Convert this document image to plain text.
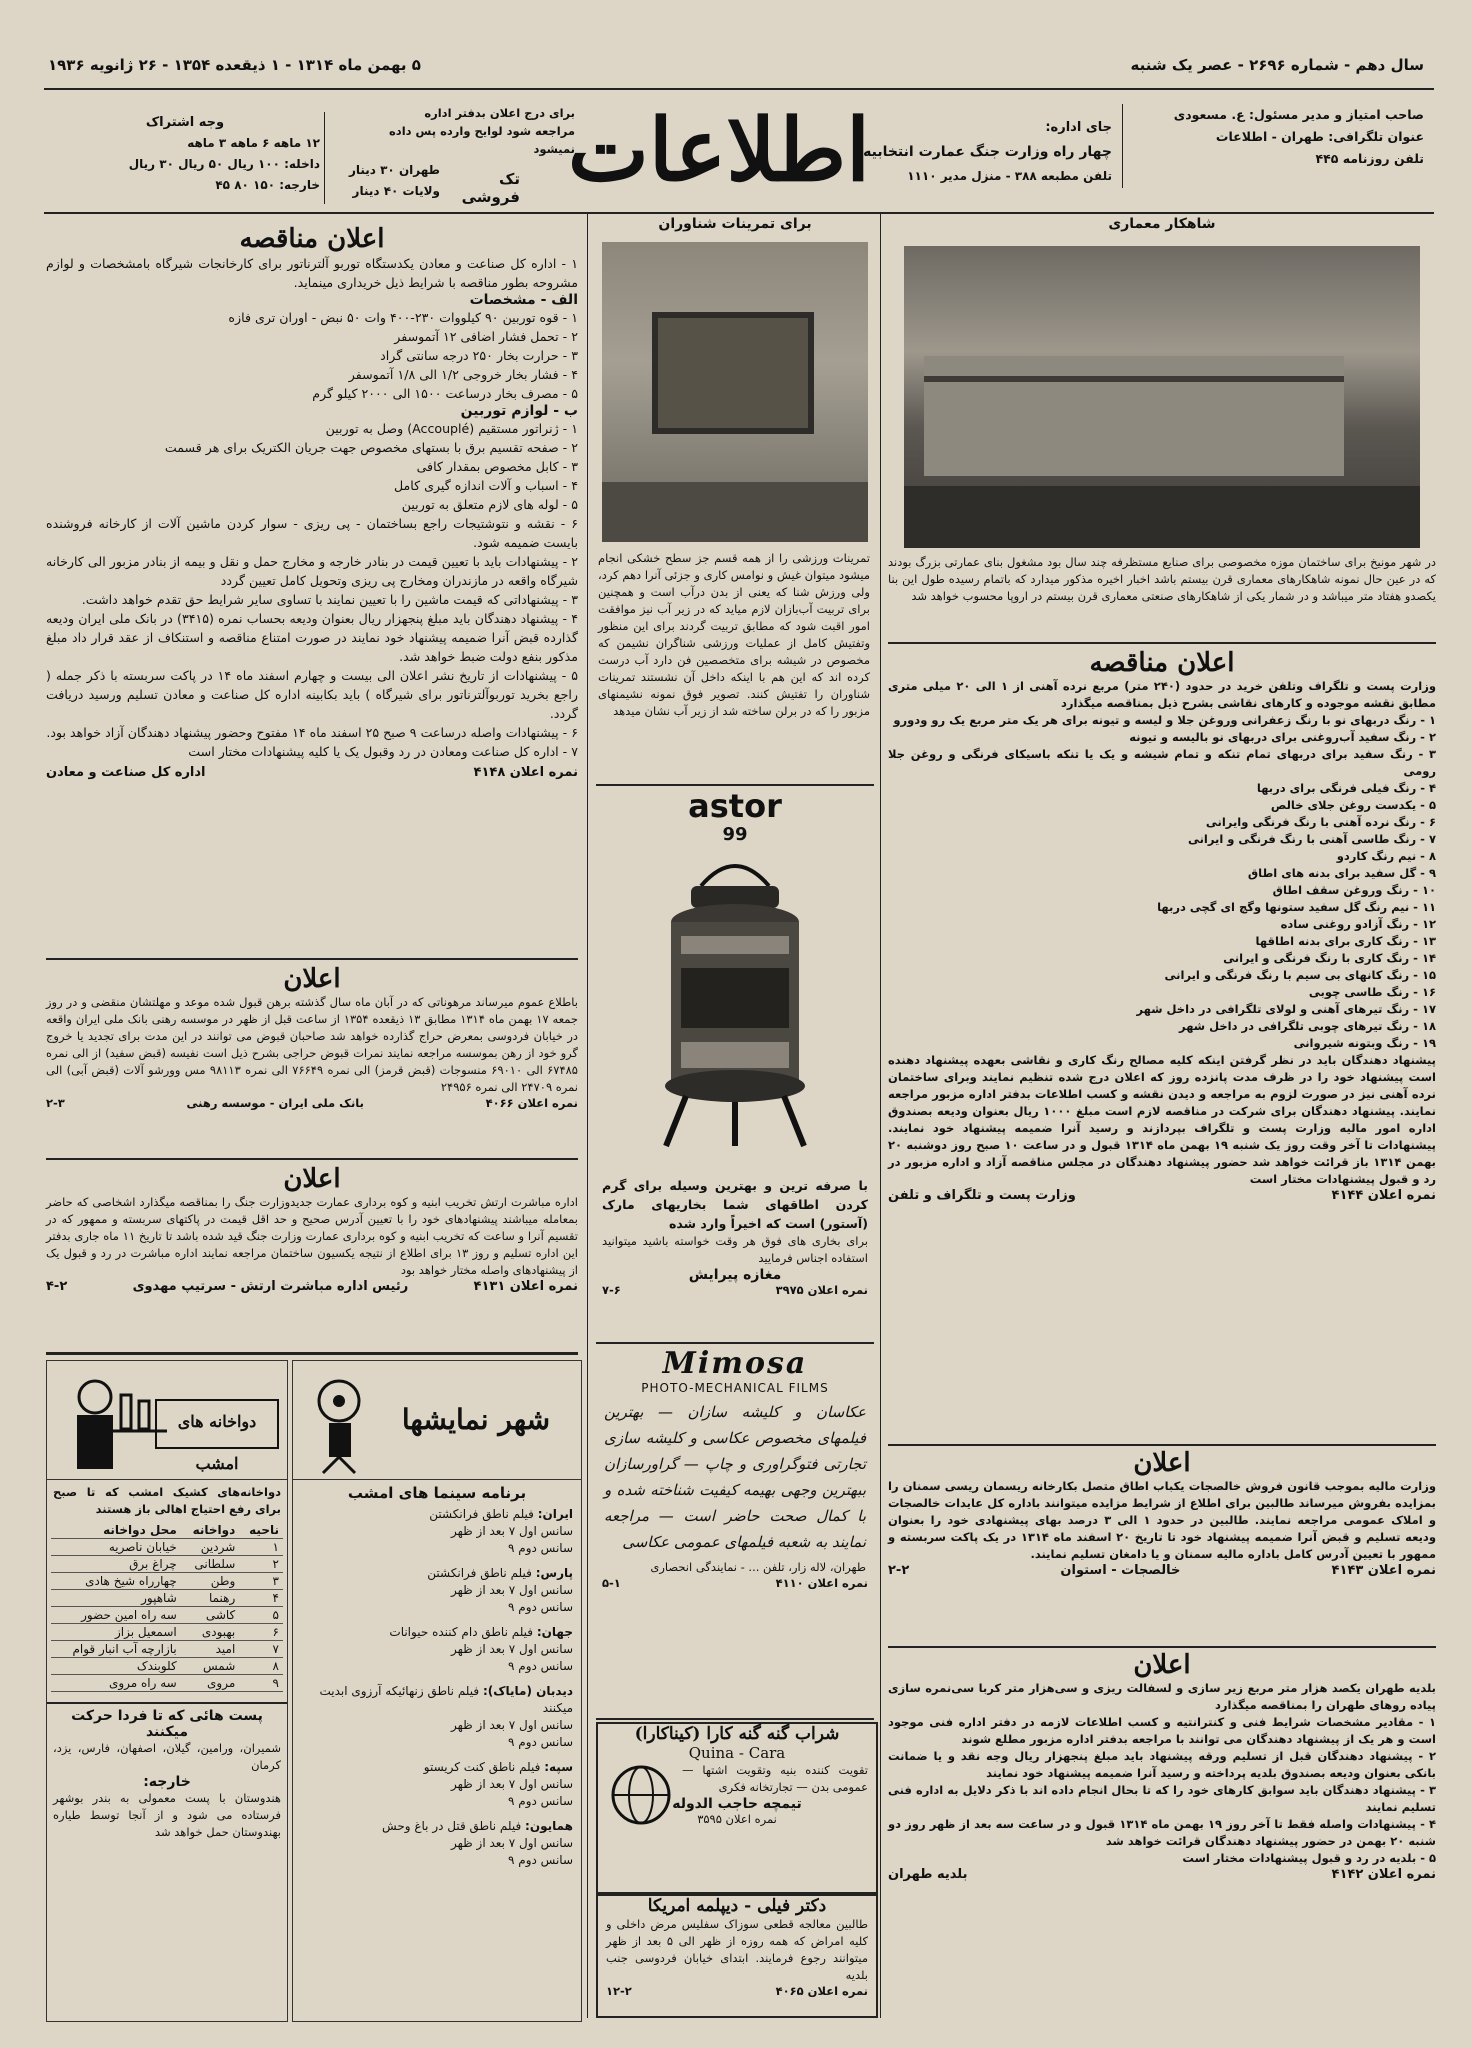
سال دهم - شماره ۲۶۹۶ - عصر یک شنبه
۵ بهمن ماه ۱۳۱۴ - ۱ ذیقعده ۱۳۵۴ - ۲۶ ژانویه ۱۹۳۶
صاحب امتیاز و مدیر مسئول: ع. مسعودی
عنوان تلگرافی: طهران - اطلاعات
تلفن روزنامه ۴۴۵
جای اداره:
چهار راه وزارت جنگ عمارت انتخابیه
تلفن مطبعه ۳۸۸ - منزل مدیر ۱۱۱۰
اطلاعات
برای درج اعلان بدفتر اداره مراجعه شود لوایح وارده پس داده نمیشود
تک فروشی
طهران ۳۰ دینار
ولایات ۴۰ دینار
وجه اشتراک
۱۲ ماهه ۶ ماهه ۳ ماهه
داخله: ۱۰۰ ریال ۵۰ ریال ۳۰ ریال
خارجه: ۱۵۰ ۸۰ ۴۵
اعلان مناقصه

۱ - اداره کل صناعت و معادن یکدستگاه توربو آلترناتور برای کارخانجات شیرگاه بامشخصات و لوازم مشروحه بطور مناقصه با شرایط ذیل خریداری مینماید.

الف - مشخصات
۱ - قوه توربین ۹۰ کیلووات ۲۳۰-۴۰۰ وات ۵۰ نبض - اوران تری فازه
۲ - تحمل فشار اضافی ۱۲ آتموسفر
۳ - حرارت بخار ۲۵۰ درجه سانتی گراد
۴ - فشار بخار خروجی ۱/۲ الی ۱/۸ آتموسفر
۵ - مصرف بخار درساعت ۱۵۰۰ الی ۲۰۰۰ کیلو گرم
ب - لوازم توربین
۱ - ژنراتور مستقیم (Accouplé) وصل به توربین
۲ - صفحه تقسیم برق با بستهای مخصوص جهت جریان الکتریک برای هر قسمت
۳ - کابل مخصوص بمقدار کافی
۴ - اسباب و آلات اندازه گیری کامل
۵ - لوله های لازم متعلق به توربین
۶ - نقشه و نتوشتیجات راجع بساختمان - پی ریزی - سوار کردن ماشین آلات از کارخانه فروشنده بایست ضمیمه شود.
۲ - پیشنهادات باید با تعیین قیمت در بنادر خارجه و مخارج حمل و نقل و بیمه از بنادر مزبور الی کارخانه شیرگاه واقعه در مازندران ومخارج پی ریزی وتحویل کامل تعیین گردد
۳ - پیشنهاداتی که قیمت ماشین را با تعیین نمایند با تساوی سایر شرایط حق تقدم خواهد داشت.
۴ - پیشنهاد دهندگان باید مبلغ پنجهزار ریال بعنوان وديعه بحساب نمره (۳۴۱۵) در بانک ملی ایران ودیعه گذارده قبض آنرا ضمیمه پیشنهاد خود نمایند در صورت امتناع مناقصه و استنکاف از عقد قرار داد مبلغ مذکور بنفع دولت ضبط خواهد شد.
۵ - پیشنهادات از تاریخ نشر اعلان الی بیست و چهارم اسفند ماه ۱۴ در پاکت سربسته با ذکر جمله ( راجع بخرید توربوآلترناتور برای شیرگاه ) باید بکابینه اداره کل صناعت و معادن تسلیم ورسید دریافت گردد.
۶ - پیشنهادات واصله درساعت ۹ صبح ۲۵ اسفند ماه ۱۴ مفتوح وحضور پیشنهاد دهندگان آزاد خواهد بود.
۷ - اداره کل صناعت ومعادن در رد وقبول یک یا کلیه پیشنهادات مختار است
نمره اعلان ۴۱۴۸
اداره کل صناعت و معادن
اعلان

باطلاع عموم میرساند مرهوناتی که در آبان ماه سال گذشته برهن قبول شده موعد و مهلتشان منقضی و در روز جمعه ۱۷ بهمن ماه ۱۳۱۴ مطابق ۱۳ ذیقعده ۱۳۵۴ از ساعت قبل از ظهر در موسسه رهنی بانک ملی ایران واقعه در خیابان فردوسی بمعرض حراج گذارده خواهد شد صاحبان قبوض می توانند در این مدت برای تجدید یا خروج گرو خود از رهن بموسسه مراجعه نمایند نمرات قبوض حراجی بشرح ذیل است نفیسه (قبض سفید) از الی نمره ۶۷۴۸۵ الی ۶۹۰۱۰ منسوجات (قبض قرمز) الی نمره ۷۶۶۴۹ الی نمره ۹۸۱۱۳ مس وورشو آلات (قبض آبی) الی نمره ۲۴۷۰۹ الی نمره ۲۴۹۵۶

نمره اعلان ۴۰۶۶
بانک ملی ایران - موسسه رهنی
۲-۳
اعلان

اداره مباشرت ارتش تخریب ابنیه و کوه برداری عمارت جدیدوزارت جنگ را بمناقصه میگذارد اشخاصی که حاضر بمعامله میباشند پیشنهادهای خود را با تعیین آدرس صحیح و حد اقل قیمت در پاکتهای سربسته و ممهور که در تقسیم آنرا و ساعت که تخریب ابنیه و کوه برداری عمارت وزارت جنگ قید شده باشد تا تاریخ ۱۱ ماه جاری بدفتر این اداره تسلیم و روز ۱۳ برای اطلاع از نتیجه یکسیون ساختمان مراجعه نمایند اداره مباشرت در رد و قبول یک از پیشنهادهای واصله مختار خواهد بود

نمره اعلان ۴۱۳۱
رئیس اداره مباشرت ارتش - سرتیپ مهدوی
۴-۲
دواخانه های امشب

دواخانه‌های کشیک امشب که تا صبح برای رفع احتیاج اهالی باز هستند

ناحیه	دواخانه	محل دواخانه
۱	شردین	خیابان ناصریه
۲	سلطانی	چراغ برق
۳	وطن	چهارراه شیخ هادی
۴	رهنما	شاهپور
۵	کاشی	سه راه امین حضور
۶	بهبودی	اسمعیل بزاز
۷	امید	بازارچه آب انبار قوام
۸	شمس	کلوبندک
۹	مروی	سه راه مروی
پست هائی که تا فردا حرکت میکنند

شمیران، ورامین، گیلان، اصفهان، فارس، یزد، کرمان

خارجه:

هندوستان با پست معمولی به بندر بوشهر فرستاده می شود و از آنجا توسط طیاره بهندوستان حمل خواهد شد

شهر نمایشها
برنامه سینما های امشب
ایران: فیلم ناطق فرانکشتن
سانس اول ۷ بعد از ظهر
سانس دوم ۹
پارس: فیلم ناطق فرانکشتن
سانس اول ۷ بعد از ظهر
سانس دوم ۹
جهان: فیلم ناطق دام کننده حیوانات
سانس اول ۷ بعد از ظهر
سانس دوم ۹
دیدبان (مایاک): فیلم ناطق زنهائیکه آرزوی ابدیت میکنند
سانس اول ۷ بعد از ظهر
سانس دوم ۹
سپه: فیلم ناطق کنت کریستو
سانس اول ۷ بعد از ظهر
سانس دوم ۹
همایون: فیلم ناطق قتل در باغ وحش
سانس اول ۷ بعد از ظهر
سانس دوم ۹
برای تمرینات شناوران

تمرینات ورزشی را از همه قسم جز سطح خشکی انجام میشود میتوان غیش و نوامس کاری و جزئی آنرا دهم کرد، ولی ورزش شنا که یعنی از بدن درآب است و همچنین برای تربیت آب‌بازان لازم میاید که در زیر آب نیز موافقت امور اقبت شود که مطابق تربیت گردند برای این منظور وتفتیش کامل از عملیات ورزشی شناگران نشیمن که مخصوص در شیشه برای متخصصین فن دارد آب درست کرده اند که این هم با اینکه داخل آن نشستند تمرینات شناوران را تفتیش کنند. تصویر فوق نمونه نشیمنهای مزبور را که در برلن ساخته شد از زیر آب نشان میدهد

astor
99

با صرفه ترین و بهترین وسیله برای گرم کردن اطاقهای شما بخاریهای مارک (آستور) است که اخیراً وارد شده

برای بخاری های فوق هر وقت خواسته باشید میتوانید استفاده اجناس فرمایید

مغازه پیرایش
نمره اعلان ۳۹۷۵
۷-۶
Mimosa
PHOTO-MECHANICAL FILMS

عکاسان و کلیشه سازان — بهترین فیلمهای مخصوص عکاسی و کلیشه سازی تجارتی فتوگراوری و چاپ — گراورسازان ببهترین وجهی بهیمه کیفیت شناخته شده و با کمال صحت حاضر است — مراجعه نمایند به شعبه فیلمهای عمومی عکاسی

طهران، لاله زار، تلفن ... - نمایندگی انحصاری

نمره اعلان ۴۱۱۰
۵-۱
شراب گنه گنه کارا (کیناکارا)
Quina - Cara

تقویت کننده بنیه وتقویت اشتها — عمومی بدن — تجارتخانه فکری

تیمچه حاجب الدوله
نمره اعلان ۳۵۹۵
دکتر فیلی - دیپلمه امریکا

طالبین معالجه قطعی سوزاک سفلیس مرض داخلی و کلیه امراض که همه روزه از ظهر الی ۵ بعد از ظهر میتوانند رجوع فرمایند. ابتدای خیابان فردوسی جنب بلدیه

نمره اعلان ۴۰۶۵
۱۲-۲
شاهکار معماری

در شهر مونیخ برای ساختمان موزه مخصوصی برای صنایع مستظرفه چند سال بود مشغول بنای عمارتی بزرگ بودند که در عین حال نمونه شاهکارهای معماری قرن بیستم باشد اخبار اخیره مذکور میدارد که باتمام رسیده طول این بنا یکصدو هفتاد متر میباشد و در شمار یکی از شاهکارهای صنعتی معماری قرن بیستم در اروپا محسوب خواهد شد

اعلان مناقصه

وزارت پست و تلگراف وتلفن خرید در حدود (۲۴۰ متر) مربع نرده آهنی از ۱ الی ۲۰ میلی متری مطابق نقشه موجوده و کارهای نقاشی بشرح ذیل بمناقصه میگذارد

۱ - رنگ دربهای نو با رنگ زعفرانی وروغن جلا و لیسه و تیونه برای هر یک متر مربع یک رو ودورو
۲ - رنگ سفید آب‌روغنی برای دربهای نو بالیسه و تیونه
۳ - رنگ سفید برای دربهای تمام تنکه و تمام شیشه و یک یا تنکه باسیکای فرنگی و روغن جلا رومی
۴ - رنگ فیلی فرنگی برای دربها
۵ - یکدست روغن جلای خالص
۶ - رنگ نرده آهنی با رنگ فرنگی وایرانی
۷ - رنگ طاسی آهنی با رنگ فرنگی و ایرانی
۸ - نیم رنگ کاردو
۹ - گل سفید برای بدنه های اطاق
۱۰ - رنگ وروغن سقف اطاق
۱۱ - نیم رنگ گل سفید ستونها وگچ ای گچی دربها
۱۲ - رنگ آزادو روغنی ساده
۱۳ - رنگ کاری برای بدنه اطاقها
۱۴ - رنگ کاری با رنگ فرنگی و ایرانی
۱۵ - رنگ کانهای بی سیم با رنگ فرنگی و ایرانی
۱۶ - رنگ طاسی چوبی
۱۷ - رنگ تیرهای آهنی و لولای تلگرافی در داخل شهر
۱۸ - رنگ تیرهای چوبی تلگرافی در داخل شهر
۱۹ - رنگ وبتونه شیروانی

پیشنهاد دهندگان باید در نظر گرفتن اینکه کلیه مصالح رنگ کاری و نقاشی بعهده پیشنهاد دهنده است پیشنهاد خود را در ظرف مدت پانزده روز که اعلان درج شده تنظیم نمایند وبرای ساختمان نرده آهنی نیز در صورت لزوم به مراجعه و دیدن نقشه و کسب اطلاعات بدفتر اداره مزبور مراجعه نمایند. پیشنهاد دهندگان برای شرکت در مناقصه لازم است مبلغ ۱۰۰۰ ریال بعنوان ودیعه بصندوق اداره امور مالیه وزارت پست و تلگراف بپردازند و رسید آنرا ضمیمه پیشنهاد خود نمایند. پیشنهادات تا آخر وقت روز یک شنبه ۱۹ بهمن ماه ۱۳۱۴ قبول و در ساعت ۱۰ صبح روز دوشنبه ۲۰ بهمن ۱۳۱۴ باز قرائت خواهد شد حضور پیشنهاد دهندگان در مجلس مناقصه آزاد و اداره مزبور در رد و قبول پیشنهادات مختار است

نمره اعلان ۴۱۴۴
وزارت پست و تلگراف و تلفن
اعلان

وزارت مالیه بموجب قانون فروش خالصجات یکباب اطاق متصل بکارخانه ریسمان ریسی سمنان را بمزایده بفروش میرساند طالبین برای اطلاع از شرایط مزایده میتوانند باداره کل عایدات خالصجات و املاک عمومی مراجعه نمایند. طالبین در حدود ۱ الی ۳ درصد بهای پیشنهادی خود را بعنوان ودیعه تسلیم و قبض آنرا ضمیمه پیشنهاد خود تا تاریخ ۲۰ اسفند ماه ۱۳۱۴ در یک پاکت سربسته و ممهور با تعیین آدرس کامل باداره مالیه سمنان و یا دامغان تسلیم نمایند.

نمره اعلان ۴۱۴۳
خالصجات - استوان
۲-۲
اعلان
بلدیه طهران یکصد هزار متر مربع زیر سازی و لسفالت ریزی و سی‌هزار متر کربا سی‌نمره سازی پیاده روهای طهران را بمناقصه میگذارد
۱ - مقادیر مشخصات شرایط فنی و کنترانتیه و کسب اطلاعات لازمه در دفتر اداره فنی موجود است و هر یک از پیشنهاد دهندگان می توانند با مراجعه بدفتر اداره مزبور مطلع شوند
۲ - پیشنهاد دهندگان قبل از تسلیم ورقه پیشنهاد باید مبلغ پنجهزار ریال وجه نقد و یا ضمانت بانکی بعنوان ودیعه بصندوق بلدیه پرداخته و رسید آنرا ضمیمه پیشنهاد خود نمایند
۳ - پیشنهاد دهندگان باید سوابق کارهای خود را که تا بحال انجام داده اند با ذکر دلایل به اداره فنی تسلیم نمایند
۴ - پیشنهادات واصله فقط تا آخر روز ۱۹ بهمن ماه ۱۳۱۴ قبول و در ساعت سه بعد از ظهر روز دو شنبه ۲۰ بهمن در حضور پیشنهاد دهندگان قرائت خواهد شد
۵ - بلدیه در رد و قبول پیشنهادات مختار است
نمره اعلان ۴۱۴۲
بلدیه طهران
